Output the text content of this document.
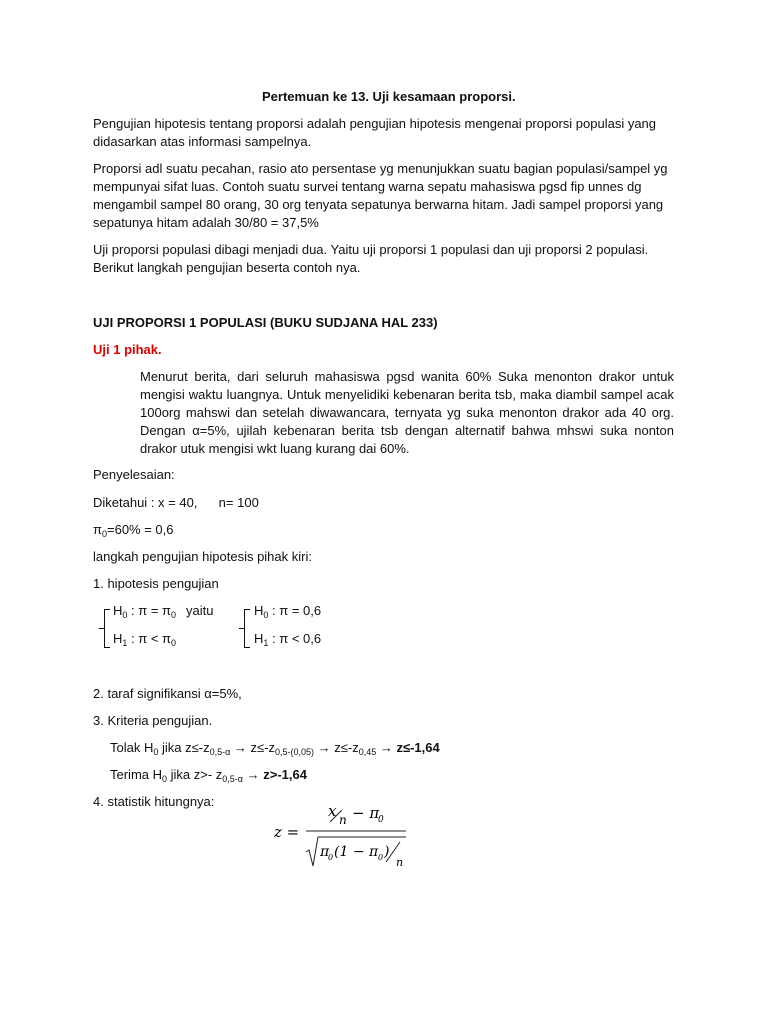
Pertemuan ke 13. Uji kesamaan proporsi.
Pengujian hipotesis tentang proporsi adalah pengujian hipotesis mengenai proporsi populasi yang didasarkan atas informasi sampelnya.
Proporsi adl suatu pecahan, rasio ato persentase yg menunjukkan suatu bagian populasi/sampel yg mempunyai sifat luas. Contoh suatu survei tentang warna sepatu mahasiswa pgsd fip unnes dg mengambil sampel 80 orang, 30 org tenyata sepatunya berwarna hitam. Jadi sampel proporsi yang sepatunya hitam adalah 30/80 = 37,5%
Uji proporsi populasi dibagi menjadi dua. Yaitu uji proporsi 1 populasi dan uji proporsi 2 populasi. Berikut langkah pengujian beserta contoh nya.
UJI PROPORSI 1 POPULASI (BUKU SUDJANA HAL 233)
Uji 1 pihak.
Menurut berita, dari seluruh mahasiswa pgsd wanita 60% Suka menonton drakor untuk mengisi waktu luangnya. Untuk menyelidiki kebenaran berita tsb, maka diambil sampel acak 100org mahswi dan setelah diwawancara, ternyata yg suka menonton drakor ada 40 org. Dengan α=5%, ujilah kebenaran berita tsb dengan alternatif bahwa mhswi suka nonton drakor utuk mengisi wkt luang kurang dai 60%.
Penyelesaian:
Diketahui : x = 40, n= 100
$\pi_0=60\% = 0,6$
langkah pengujian hipotesis pihak kiri:
1. hipotesis pengujian
$H_0$ : $\pi = \pi_0$
$H_1$ : $\pi < \pi_0$
yaitu	$H_0$ : π = 0,6
$H_1$ : π < 0,6
2. taraf signifikansi α=5%,
3. Kriteria pengujian.
Tolak $H_0$ jika $z\le-z_{0,5-\alpha} \to z\le-z_{0,5-(0,05)} \to z\le-z_{0,45} \to z\le-1,64$
Terima $H_0$ jika z>- $z_{0,5-\alpha} \to z>-1,64$
4. statistik hitungnya:
z =
x n − π
0
π
0 (1 − π 0 )
n
